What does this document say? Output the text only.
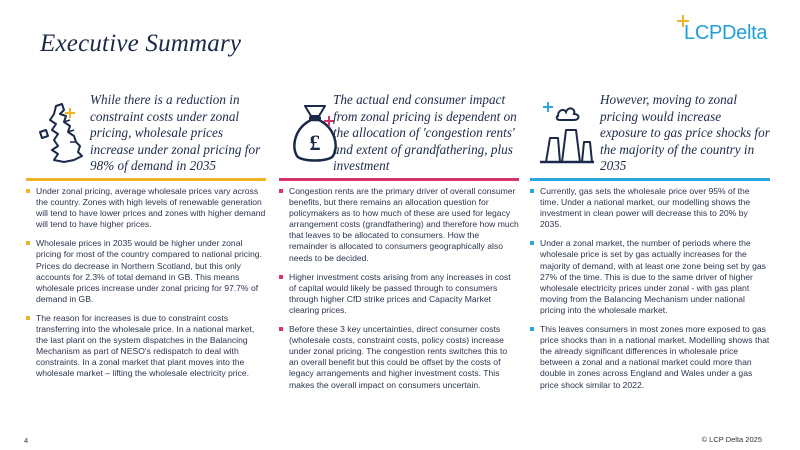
Executive Summary	LCPDelta
While there is a reduction in constraint costs under zonal pricing, wholesale prices increase under zonal pricing for 98% of demand in 2035
Under zonal pricing, average wholesale prices vary across the country. Zones with high levels of renewable generation will tend to have lower prices and zones with higher demand will tend to have higher prices.
Wholesale prices in 2035 would be higher under zonal pricing for most of the country compared to national pricing. Prices do decrease in Northern Scotland, but this only accounts for 2.3% of total demand in GB. This means wholesale prices increase under zonal pricing for 97.7% of demand in GB.
The reason for increases is due to constraint costs transferring into the wholesale price. In a national market, the last plant on the system dispatches in the Balancing Mechanism as part of NESO's redispatch to deal with constraints. In a zonal market that plant moves into the wholesale market – lifting the wholesale electricity price.
£
The actual end consumer impact from zonal pricing is dependent on the allocation of 'congestion rents' and extent of grandfathering, plus investment
Congestion rents are the primary driver of overall consumer benefits, but there remains an allocation question for policymakers as to how much of these are used for legacy arrangement costs (grandfathering) and therefore how much that leaves to be allocated to consumers. How the remainder is allocated to consumers geographically also needs to be decided.
Higher investment costs arising from any increases in cost of capital would likely be passed through to consumers through higher CfD strike prices and Capacity Market clearing prices.
Before these 3 key uncertainties, direct consumer costs (wholesale costs, constraint costs, policy costs) increase under zonal pricing. The congestion rents switches this to an overall benefit but this could be offset by the costs of legacy arrangements and higher investment costs. This makes the overall impact on consumers uncertain.
However, moving to zonal pricing would increase exposure to gas price shocks for the majority of the country in 2035
Currently, gas sets the wholesale price over 95% of the time. Under a national market, our modelling shows the investment in clean power will decrease this to 20% by 2035.
Under a zonal market, the number of periods where the wholesale price is set by gas actually increases for the majority of demand, with at least one zone being set by gas 27% of the time. This is due to the same driver of higher wholesale electricity prices under zonal - with gas plant moving from the Balancing Mechanism under national pricing into the wholesale market.
This leaves consumers in most zones more exposed to gas price shocks than in a national market. Modelling shows that the already significant differences in wholesale price between a zonal and a national market could more than double in zones across England and Wales under a gas price shock similar to 2022.
4	© LCP Delta 2025
